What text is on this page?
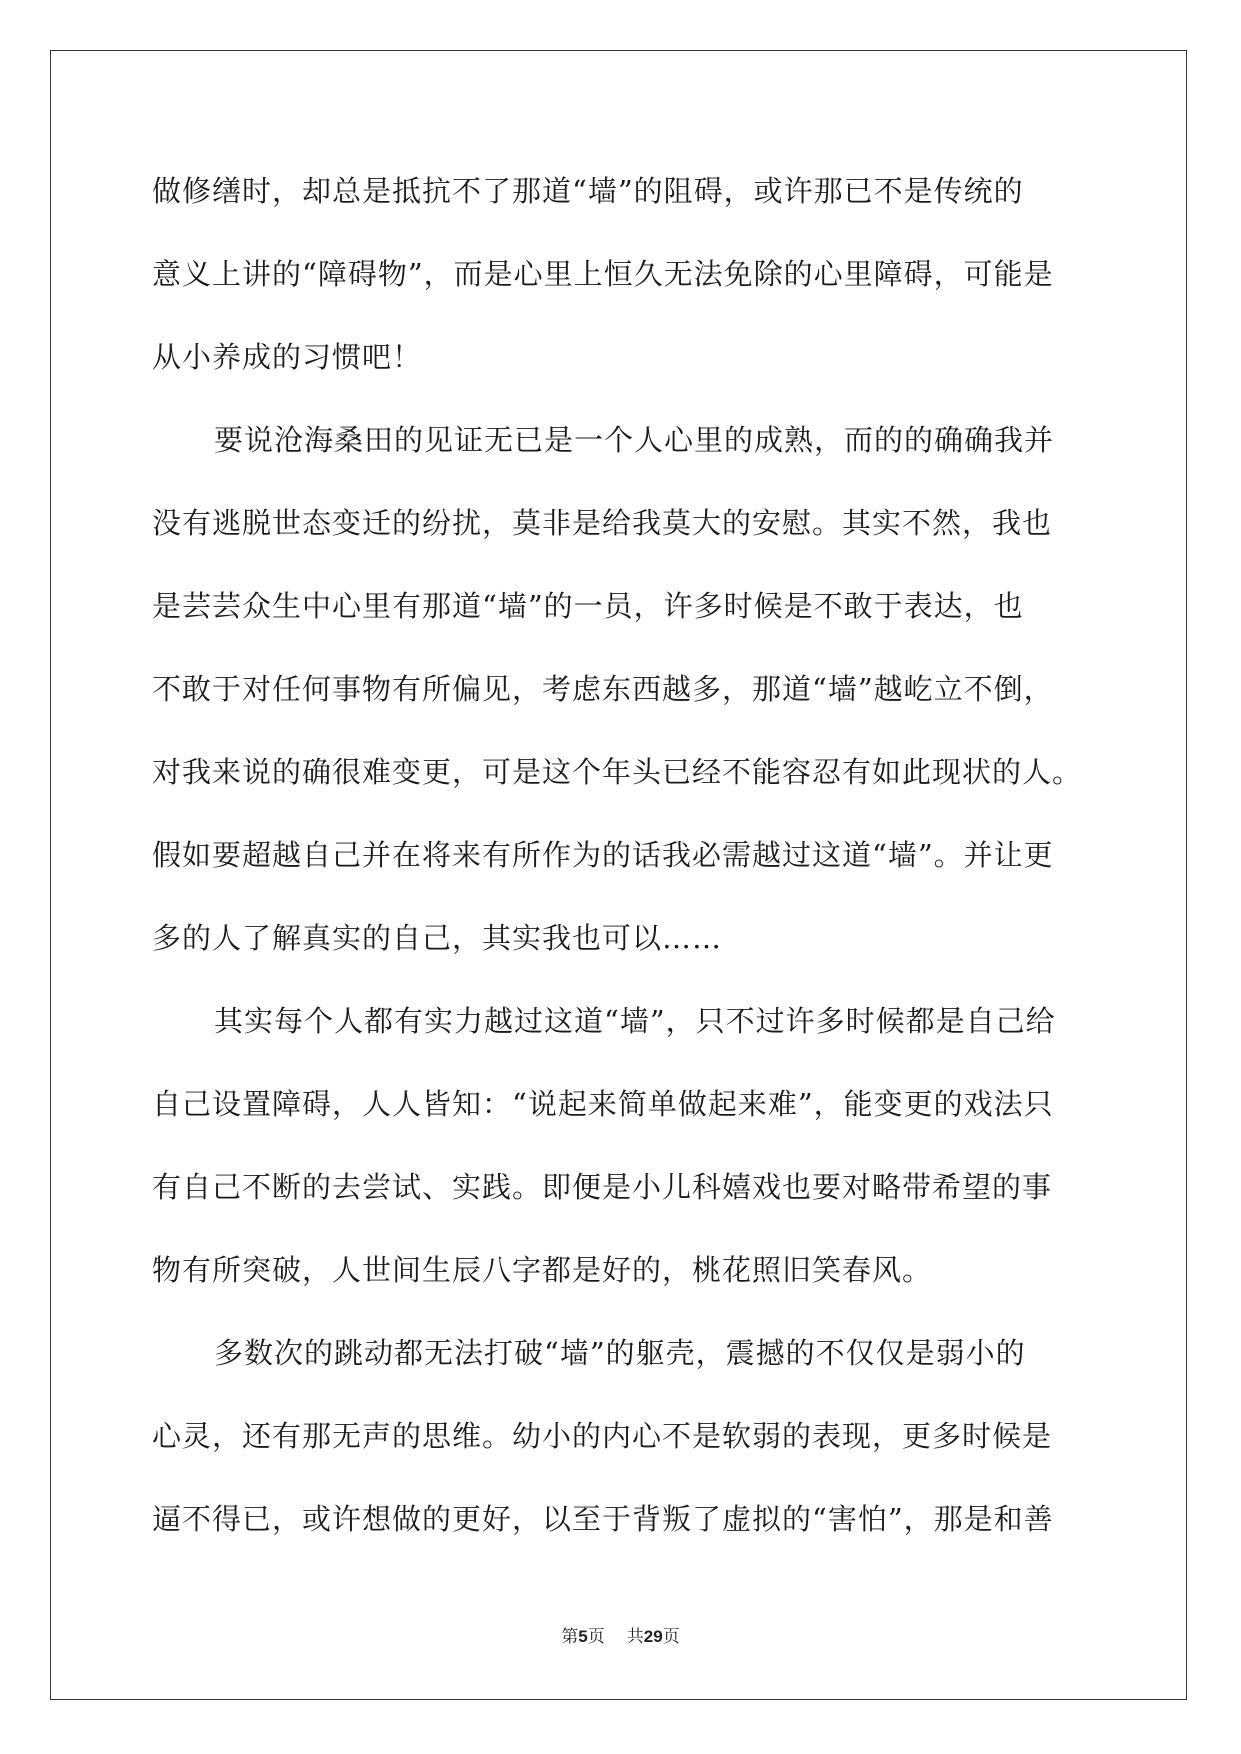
做修缮时，却总是抵抗不了那道“墙”的阻碍，或许那已不是传统的
意义上讲的“障碍物”，而是心里上恒久无法免除的心里障碍，可能是
从小养成的习惯吧！
要说沧海桑田的见证无已是一个人心里的成熟，而的的确确我并
没有逃脱世态变迁的纷扰，莫非是给我莫大的安慰。其实不然，我也
是芸芸众生中心里有那道“墙”的一员，许多时候是不敢于表达，也
不敢于对任何事物有所偏见，考虑东西越多，那道“墙”越屹立不倒，
对我来说的确很难变更，可是这个年头已经不能容忍有如此现状的人。
假如要超越自己并在将来有所作为的话我必需越过这道“墙”。并让更
多的人了解真实的自己，其实我也可以……
其实每个人都有实力越过这道“墙”，只不过许多时候都是自己给
自己设置障碍，人人皆知：“说起来简单做起来难”，能变更的戏法只
有自己不断的去尝试、实践。即便是小儿科嬉戏也要对略带希望的事
物有所突破，人世间生辰八字都是好的，桃花照旧笑春风。
多数次的跳动都无法打破“墙”的躯壳，震撼的不仅仅是弱小的
心灵，还有那无声的思维。幼小的内心不是软弱的表现，更多时候是
逼不得已，或许想做的更好，以至于背叛了虚拟的“害怕”，那是和善
第5页 共29页
